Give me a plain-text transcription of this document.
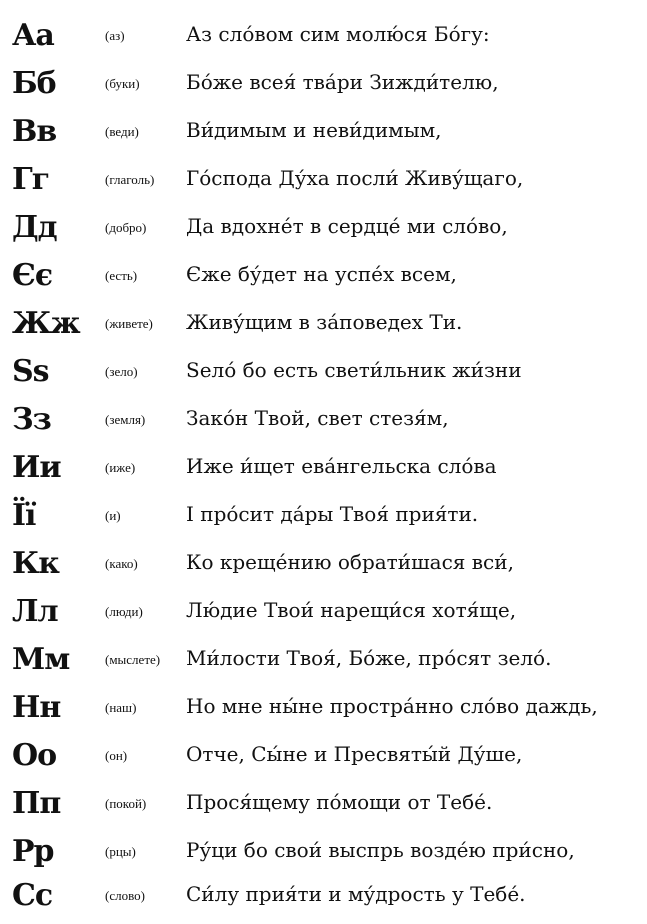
Аа	(аз)	Аз сло́вом сим молю́ся Бо́гу:
Бб	(буки) Бо́же всея́ тва́ри Зижди́телю,
Вв	(веди) Ви́димым и неви́димым,
Гг	(глаголь) Го́спода Ду́ха посли́ Живу́щаго,
Дд	(добро) Да вдохне́т в сердце́ ми сло́во,
Єє	(есть) Єже бу́дет на успе́х всем,
Жж (живете) Живу́щим в за́поведех Ти.
Ѕѕ	(зело) Ѕело́ бо есть свети́льник жи́зни
Зз	(земля) Зако́н Твой, свет стезя́м,
Ии	(иже)	Иже и́щет ева́нгельска сло́ва
Її	(и)	І про́сит да́ры Твоя́ прия́ти.
Кк	(како) Ко креще́нию обрати́шася вси́,
Лл	(люди) Лю́дие Твои́ нарещи́ся хотя́ще,
Мм	(мыслете) Ми́лости Твоя́, Бо́же, про́сят зело́.
Нн	(наш) Но мне ны́не простра́нно сло́во даждь,
Оо	(он)	Отче, Сы́не и Пресвяты́й Ду́ше,
Пп	(покой) Прося́щему по́мощи от Тебе́.
Рр	(рцы)	Ру́ци бо свои́ выспрь возде́ю при́сно,
Сс	(слово) Си́лу прия́ти и му́дрость у Тебе́.
